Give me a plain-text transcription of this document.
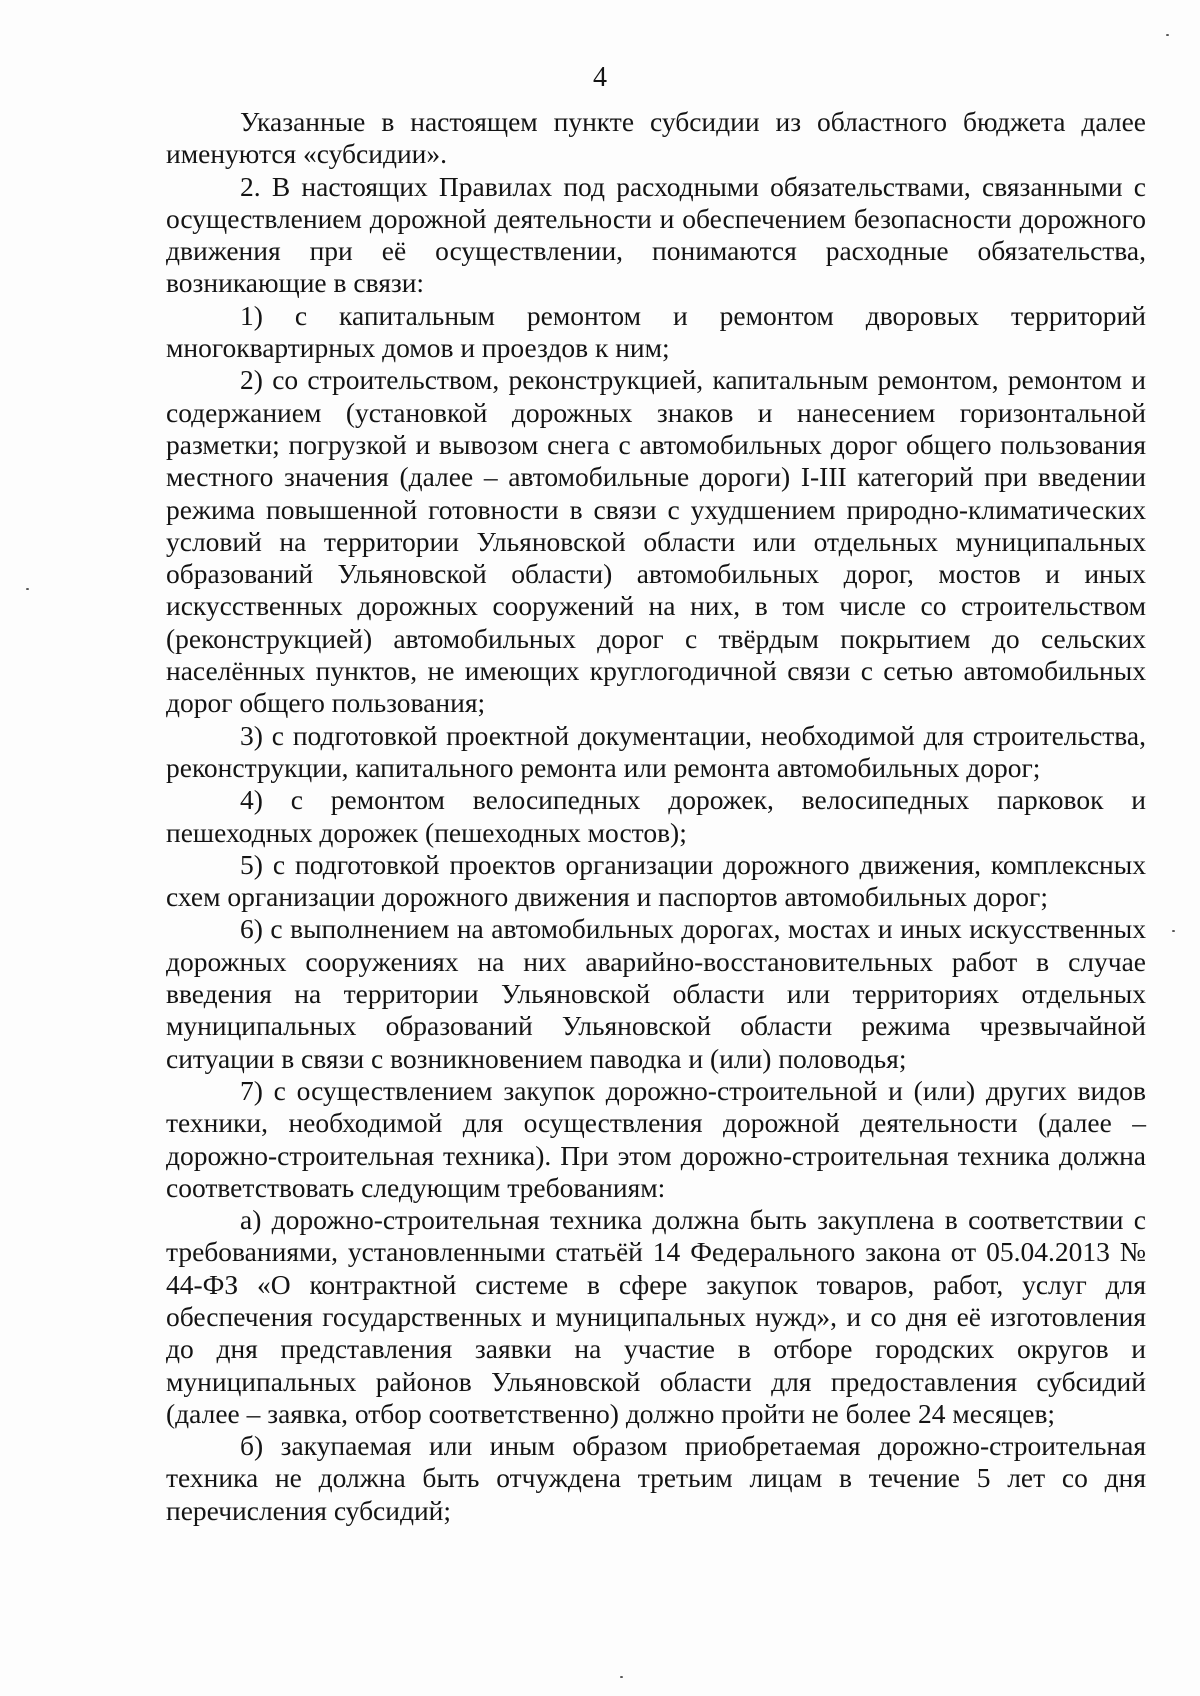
4

Указанные в настоящем пункте субсидии из областного бюджета далее именуются «субсидии».

2. В настоящих Правилах под расходными обязательствами, связанными с осуществлением дорожной деятельности и обеспечением безопасности дорожного движения при её осуществлении, понимаются расходные обязательства, возникающие в связи:

1) с капитальным ремонтом и ремонтом дворовых территорий многоквартирных домов и проездов к ним;

2) со строительством, реконструкцией, капитальным ремонтом, ремонтом и содержанием (установкой дорожных знаков и нанесением горизонтальной разметки; погрузкой и вывозом снега с автомобильных дорог общего пользования местного значения (далее – автомобильные дороги) I-III категорий при введении режима повышенной готовности в связи с ухудшением природно-климатических условий на территории Ульяновской области или отдельных муниципальных образований Ульяновской области) автомобильных дорог, мостов и иных искусственных дорожных сооружений на них, в том числе со строительством (реконструкцией) автомобильных дорог с твёрдым покрытием до сельских населённых пунктов, не имеющих круглогодичной связи с сетью автомобильных дорог общего пользования;

3) с подготовкой проектной документации, необходимой для строительства, реконструкции, капитального ремонта или ремонта автомобильных дорог;

4) с ремонтом велосипедных дорожек, велосипедных парковок и пешеходных дорожек (пешеходных мостов);

5) с подготовкой проектов организации дорожного движения, комплексных схем организации дорожного движения и паспортов автомобильных дорог;

6) с выполнением на автомобильных дорогах, мостах и иных искусственных дорожных сооружениях на них аварийно-восстановительных работ в случае введения на территории Ульяновской области или территориях отдельных муниципальных образований Ульяновской области режима чрезвычайной ситуации в связи с возникновением паводка и (или) половодья;

7) с осуществлением закупок дорожно-строительной и (или) других видов техники, необходимой для осуществления дорожной деятельности (далее – дорожно-строительная техника). При этом дорожно-строительная техника должна соответствовать следующим требованиям:

а) дорожно-строительная техника должна быть закуплена в соответствии с требованиями, установленными статьёй 14 Федерального закона от 05.04.2013 № 44-ФЗ «О контрактной системе в сфере закупок товаров, работ, услуг для обеспечения государственных и муниципальных нужд», и со дня её изготовления до дня представления заявки на участие в отборе городских округов и муниципальных районов Ульяновской области для предоставления субсидий (далее – заявка, отбор соответственно) должно пройти не более 24 месяцев;

б) закупаемая или иным образом приобретаемая дорожно-строительная техника не должна быть отчуждена третьим лицам в течение 5 лет со дня перечисления субсидий;
